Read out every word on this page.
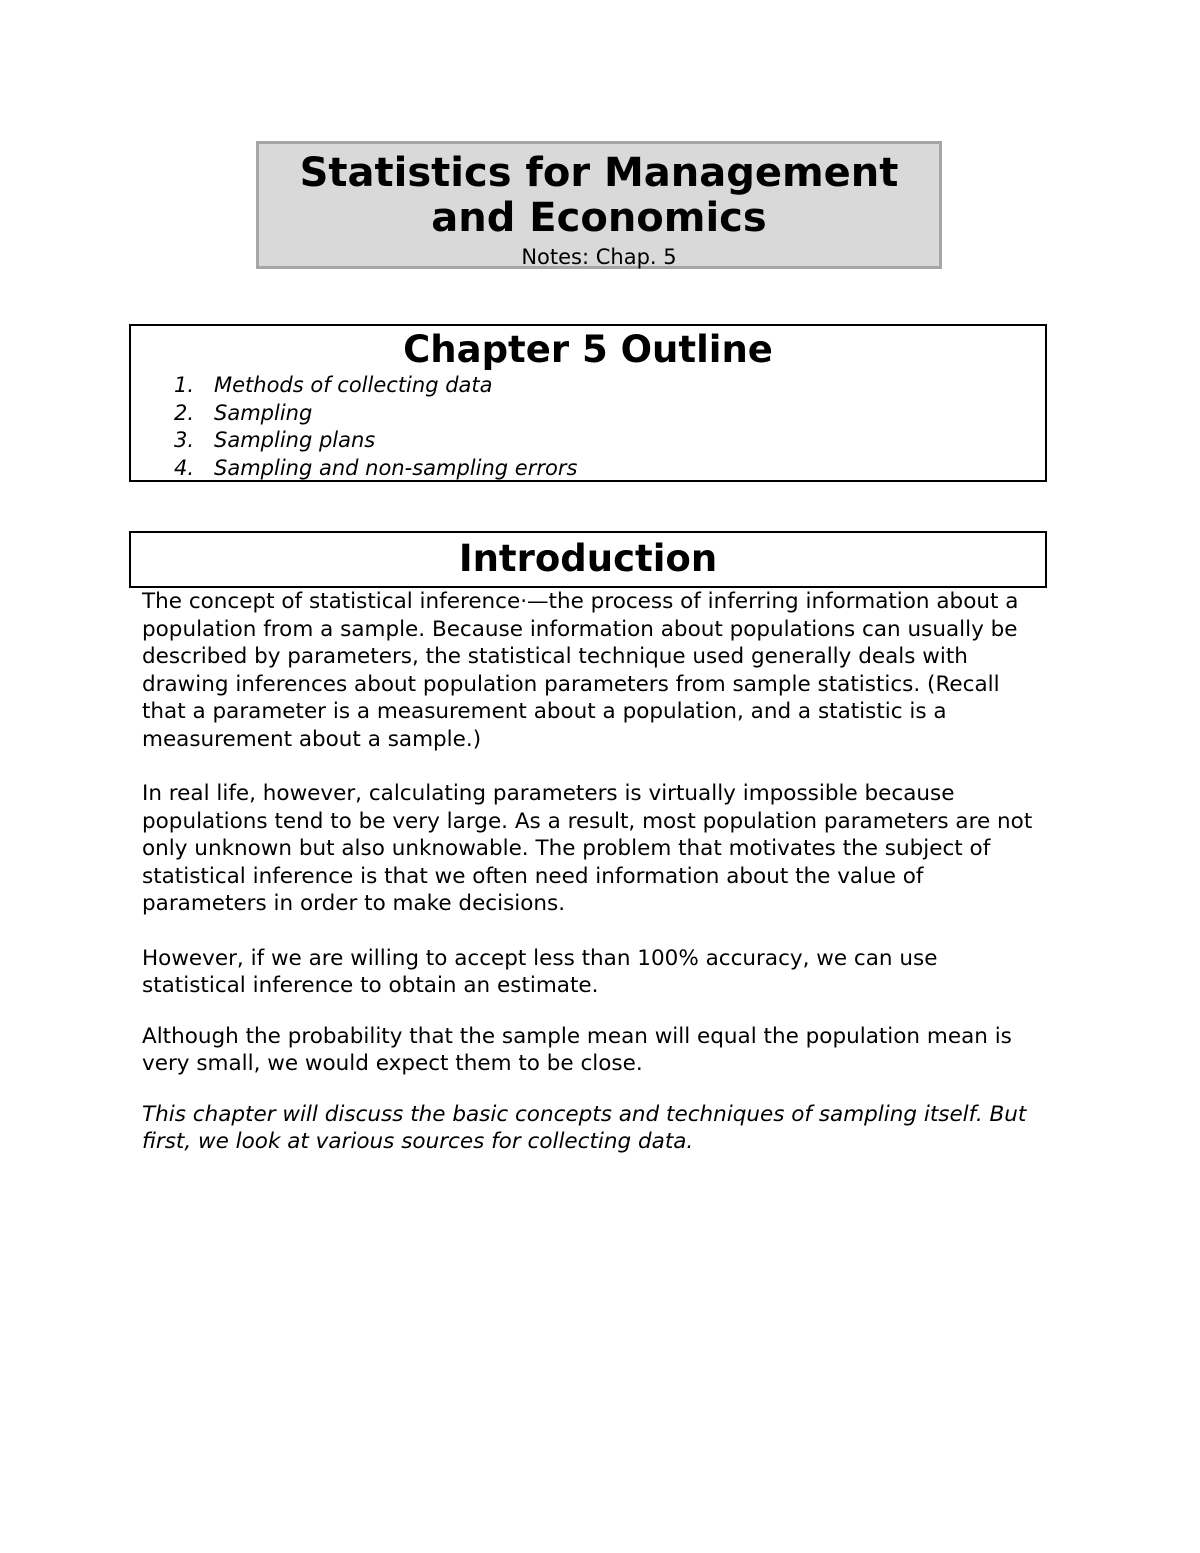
Statistics for Management
and Economics
Notes: Chap. 5
Chapter 5 Outline
1. Methods of collecting data
2. Sampling
3. Sampling plans
4. Sampling and non-sampling errors
Introduction

The concept of statistical inference·—the process of inferring information about a population from a sample. Because information about populations can usually be described by parameters, the statistical technique used generally deals with drawing inferences about population parameters from sample statistics. (Recall that a parameter is a measurement about a population, and a statistic is a measurement about a sample.)

In real life, however, calculating parameters is virtually impossible because populations tend to be very large. As a result, most population parameters are not only unknown but also unknowable. The problem that motivates the subject of statistical inference is that we often need information about the value of parameters in order to make decisions.

However, if we are willing to accept less than 100% accuracy, we can use statistical inference to obtain an estimate.

Although the probability that the sample mean will equal the population mean is very small, we would expect them to be close.

This chapter will discuss the basic concepts and techniques of sampling itself. But first, we look at various sources for collecting data.
